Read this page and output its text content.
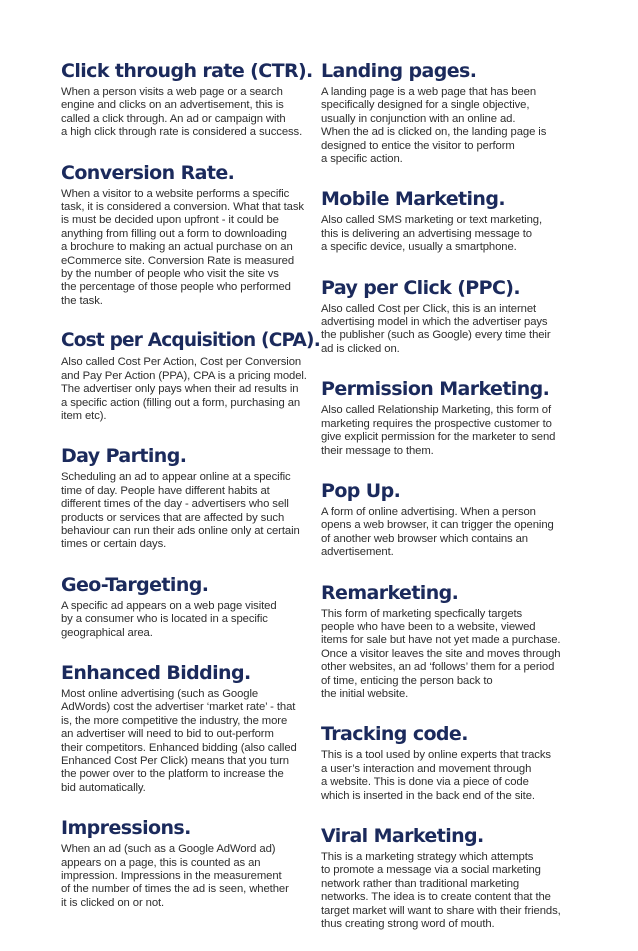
Click through rate (CTR).

When a person visits a web page or a search
engine and clicks on an advertisement, this is
called a click through. An ad or campaign with
a high click through rate is considered a success.

Conversion Rate.

When a visitor to a website performs a specific
task, it is considered a conversion. What that task
is must be decided upon upfront - it could be
anything from filling out a form to downloading
a brochure to making an actual purchase on an
eCommerce site. Conversion Rate is measured
by the number of people who visit the site vs
the percentage of those people who performed
the task.

Cost per Acquisition (CPA).

Also called Cost Per Action, Cost per Conversion
and Pay Per Action (PPA), CPA is a pricing model.
The advertiser only pays when their ad results in
a specific action (filling out a form, purchasing an
item etc).

Day Parting.

Scheduling an ad to appear online at a specific
time of day. People have different habits at
different times of the day - advertisers who sell
products or services that are affected by such
behaviour can run their ads online only at certain
times or certain days.

Geo-Targeting.

A specific ad appears on a web page visited
by a consumer who is located in a specific
geographical area.

Enhanced Bidding.

Most online advertising (such as Google
AdWords) cost the advertiser ‘market rate’ - that
is, the more competitive the industry, the more
an advertiser will need to bid to out-perform
their competitors. Enhanced bidding (also called
Enhanced Cost Per Click) means that you turn
the power over to the platform to increase the
bid automatically.

Impressions.

When an ad (such as a Google AdWord ad)
appears on a page, this is counted as an
impression. Impressions in the measurement
of the number of times the ad is seen, whether
it is clicked on or not.

Landing pages.

A landing page is a web page that has been
specifically designed for a single objective,
usually in conjunction with an online ad.
When the ad is clicked on, the landing page is
designed to entice the visitor to perform
a specific action.

Mobile Marketing.

Also called SMS marketing or text marketing,
this is delivering an advertising message to
a specific device, usually a smartphone.

Pay per Click (PPC).

Also called Cost per Click, this is an internet
advertising model in which the advertiser pays
the publisher (such as Google) every time their
ad is clicked on.

Permission Marketing.

Also called Relationship Marketing, this form of
marketing requires the prospective customer to
give explicit permission for the marketer to send
their message to them.

Pop Up.

A form of online advertising. When a person
opens a web browser, it can trigger the opening
of another web browser which contains an
advertisement.

Remarketing.

This form of marketing specfically targets
people who have been to a website, viewed
items for sale but have not yet made a purchase.
Once a visitor leaves the site and moves through
other websites, an ad ‘follows’ them for a period
of time, enticing the person back to
the initial website.

Tracking code.

This is a tool used by online experts that tracks
a user’s interaction and movement through
a website. This is done via a piece of code
which is inserted in the back end of the site.

Viral Marketing.

This is a marketing strategy which attempts
to promote a message via a social marketing
network rather than traditional marketing
networks. The idea is to create content that the
target market will want to share with their friends,
thus creating strong word of mouth.
